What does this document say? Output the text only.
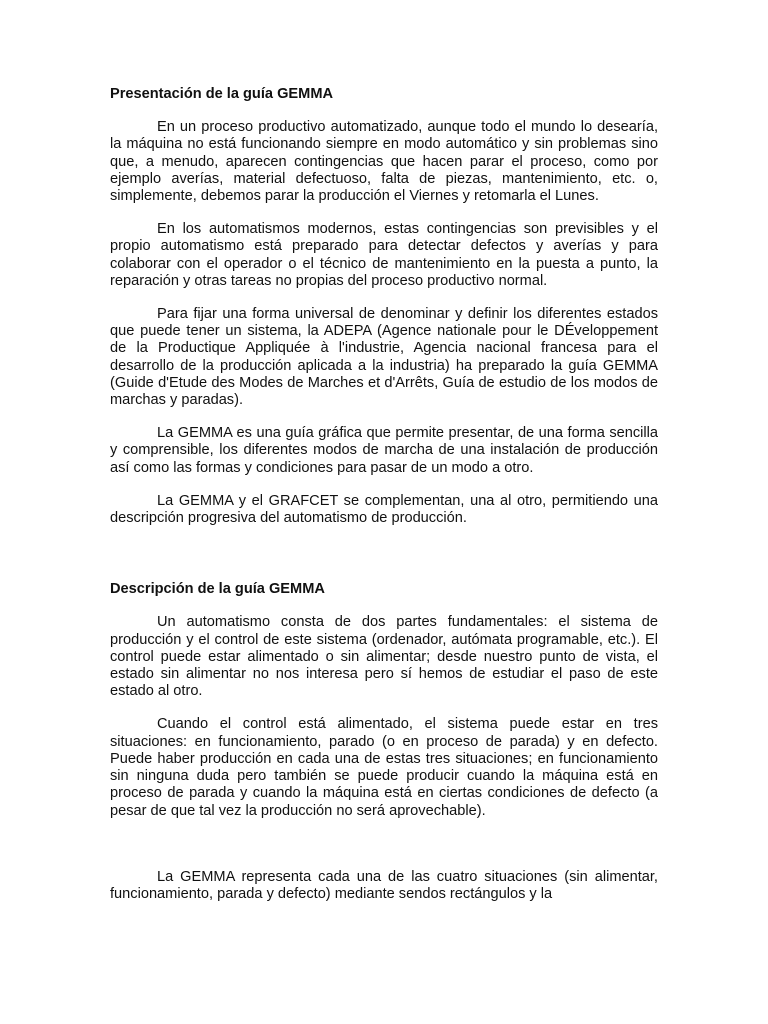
Presentación de la guía GEMMA

En un proceso productivo automatizado, aunque todo el mundo lo desearía, la máquina no está funcionando siempre en modo automático y sin problemas sino que, a menudo, aparecen contingencias que hacen parar el proceso, como por ejemplo averías, material defectuoso, falta de piezas, mantenimiento, etc. o, simplemente, debemos parar la producción el Viernes y retomarla el Lunes.

En los automatismos modernos, estas contingencias son previsibles y el propio automatismo está preparado para detectar defectos y averías y para colaborar con el operador o el técnico de mantenimiento en la puesta a punto, la reparación y otras tareas no propias del proceso productivo normal.

Para fijar una forma universal de denominar y definir los diferentes estados que puede tener un sistema, la ADEPA (Agence nationale pour le DÉveloppement de la Productique Appliquée à l'industrie, Agencia nacional francesa para el desarrollo de la producción aplicada a la industria) ha preparado la guía GEMMA (Guide d'Etude des Modes de Marches et d'Arrêts, Guía de estudio de los modos de marchas y paradas).

La GEMMA es una guía gráfica que permite presentar, de una forma sencilla y comprensible, los diferentes modos de marcha de una instalación de producción así como las formas y condiciones para pasar de un modo a otro.

La GEMMA y el GRAFCET se complementan, una al otro, permitiendo una descripción progresiva del automatismo de producción.

Descripción de la guía GEMMA

Un automatismo consta de dos partes fundamentales: el sistema de producción y el control de este sistema (ordenador, autómata programable, etc.). El control puede estar alimentado o sin alimentar; desde nuestro punto de vista, el estado sin alimentar no nos interesa pero sí hemos de estudiar el paso de este estado al otro.

Cuando el control está alimentado, el sistema puede estar en tres situaciones: en funcionamiento, parado (o en proceso de parada) y en defecto. Puede haber producción en cada una de estas tres situaciones; en funcionamiento sin ninguna duda pero también se puede producir cuando la máquina está en proceso de parada y cuando la máquina está en ciertas condiciones de defecto (a pesar de que tal vez la producción no será aprovechable).

La GEMMA representa cada una de las cuatro situaciones (sin alimentar, funcionamiento, parada y defecto) mediante sendos rectángulos y la
